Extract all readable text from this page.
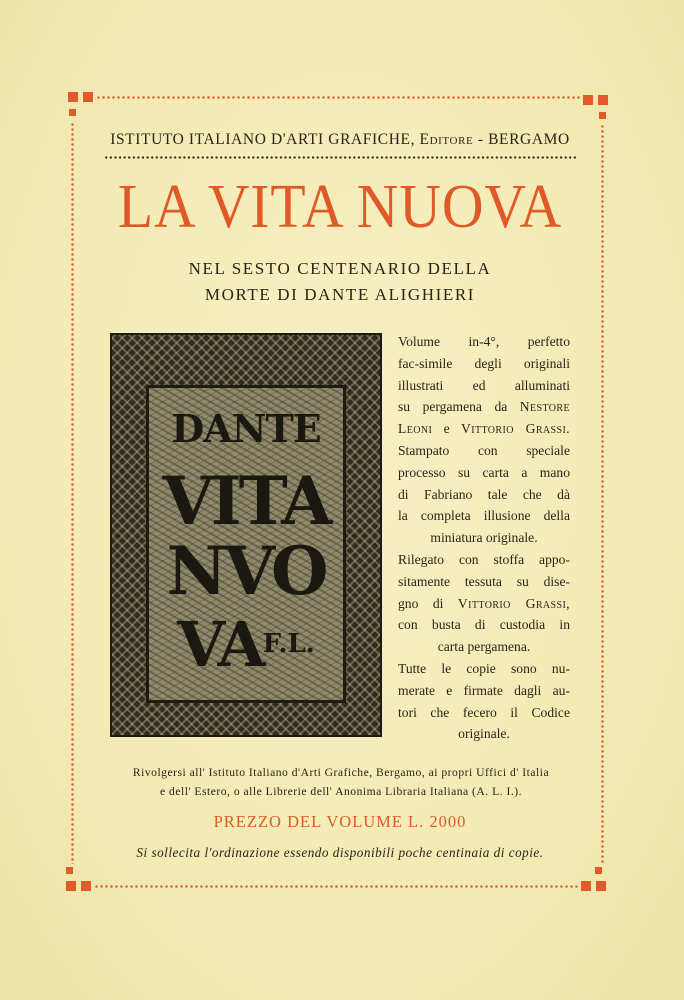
ISTITUTO ITALIANO D'ARTI GRAFICHE, Editore - BERGAMO
LA VITA NUOVA
NEL SESTO CENTENARIO DELLA
MORTE DI DANTE ALIGHIERI
DANTE
VITA
NVO
$VA^{F.L.}$
Volume in-4°, perfetto
fac-simile degli originali
illustrati ed alluminati
su pergamena da Nestore
Leoni e Vittorio Grassi.
Stampato con speciale
processo su carta a mano
di Fabriano tale che dà
la completa illusione della
miniatura originale.
Rilegato con stoffa appo-
sitamente tessuta su dise-
gno di Vittorio Grassi,
con busta di custodia in
carta pergamena.
Tutte le copie sono nu-
merate e firmate dagli au-
tori che fecero il Codice
originale.
Rivolgersi all' Istituto Italiano d'Arti Grafiche, Bergamo, ai propri Uffici d' Italia
e dell' Estero, o alle Librerie dell' Anonima Libraria Italiana (A. L. I.).
PREZZO DEL VOLUME L. 2000
Si sollecita l'ordinazione essendo disponibili poche centinaia di copie.
